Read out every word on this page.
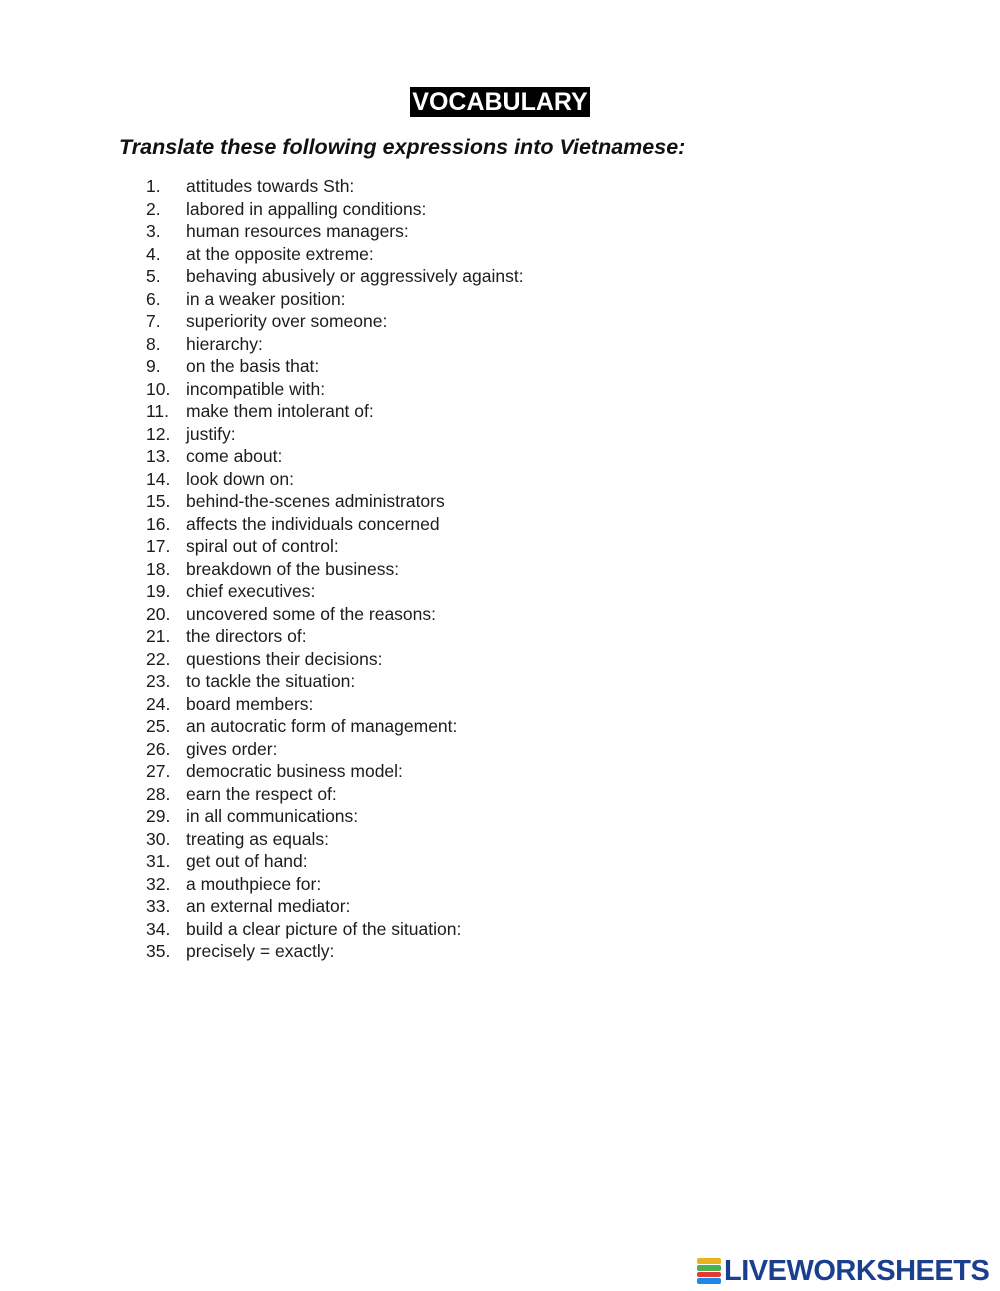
VOCABULARY
Translate these following expressions into Vietnamese:
1. attitudes towards Sth:
2. labored in appalling conditions:
3. human resources managers:
4. at the opposite extreme:
5. behaving abusively or aggressively against:
6. in a weaker position:
7. superiority over someone:
8. hierarchy:
9. on the basis that:
10. incompatible with:
11. make them intolerant of:
12. justify:
13. come about:
14. look down on:
15. behind-the-scenes administrators
16. affects the individuals concerned
17. spiral out of control:
18. breakdown of the business:
19. chief executives:
20. uncovered some of the reasons:
21. the directors of:
22. questions their decisions:
23. to tackle the situation:
24. board members:
25. an autocratic form of management:
26. gives order:
27. democratic business model:
28. earn the respect of:
29. in all communications:
30. treating as equals:
31. get out of hand:
32. a mouthpiece for:
33. an external mediator:
34. build a clear picture of the situation:
35. precisely = exactly:
LIVEWORKSHEETS
